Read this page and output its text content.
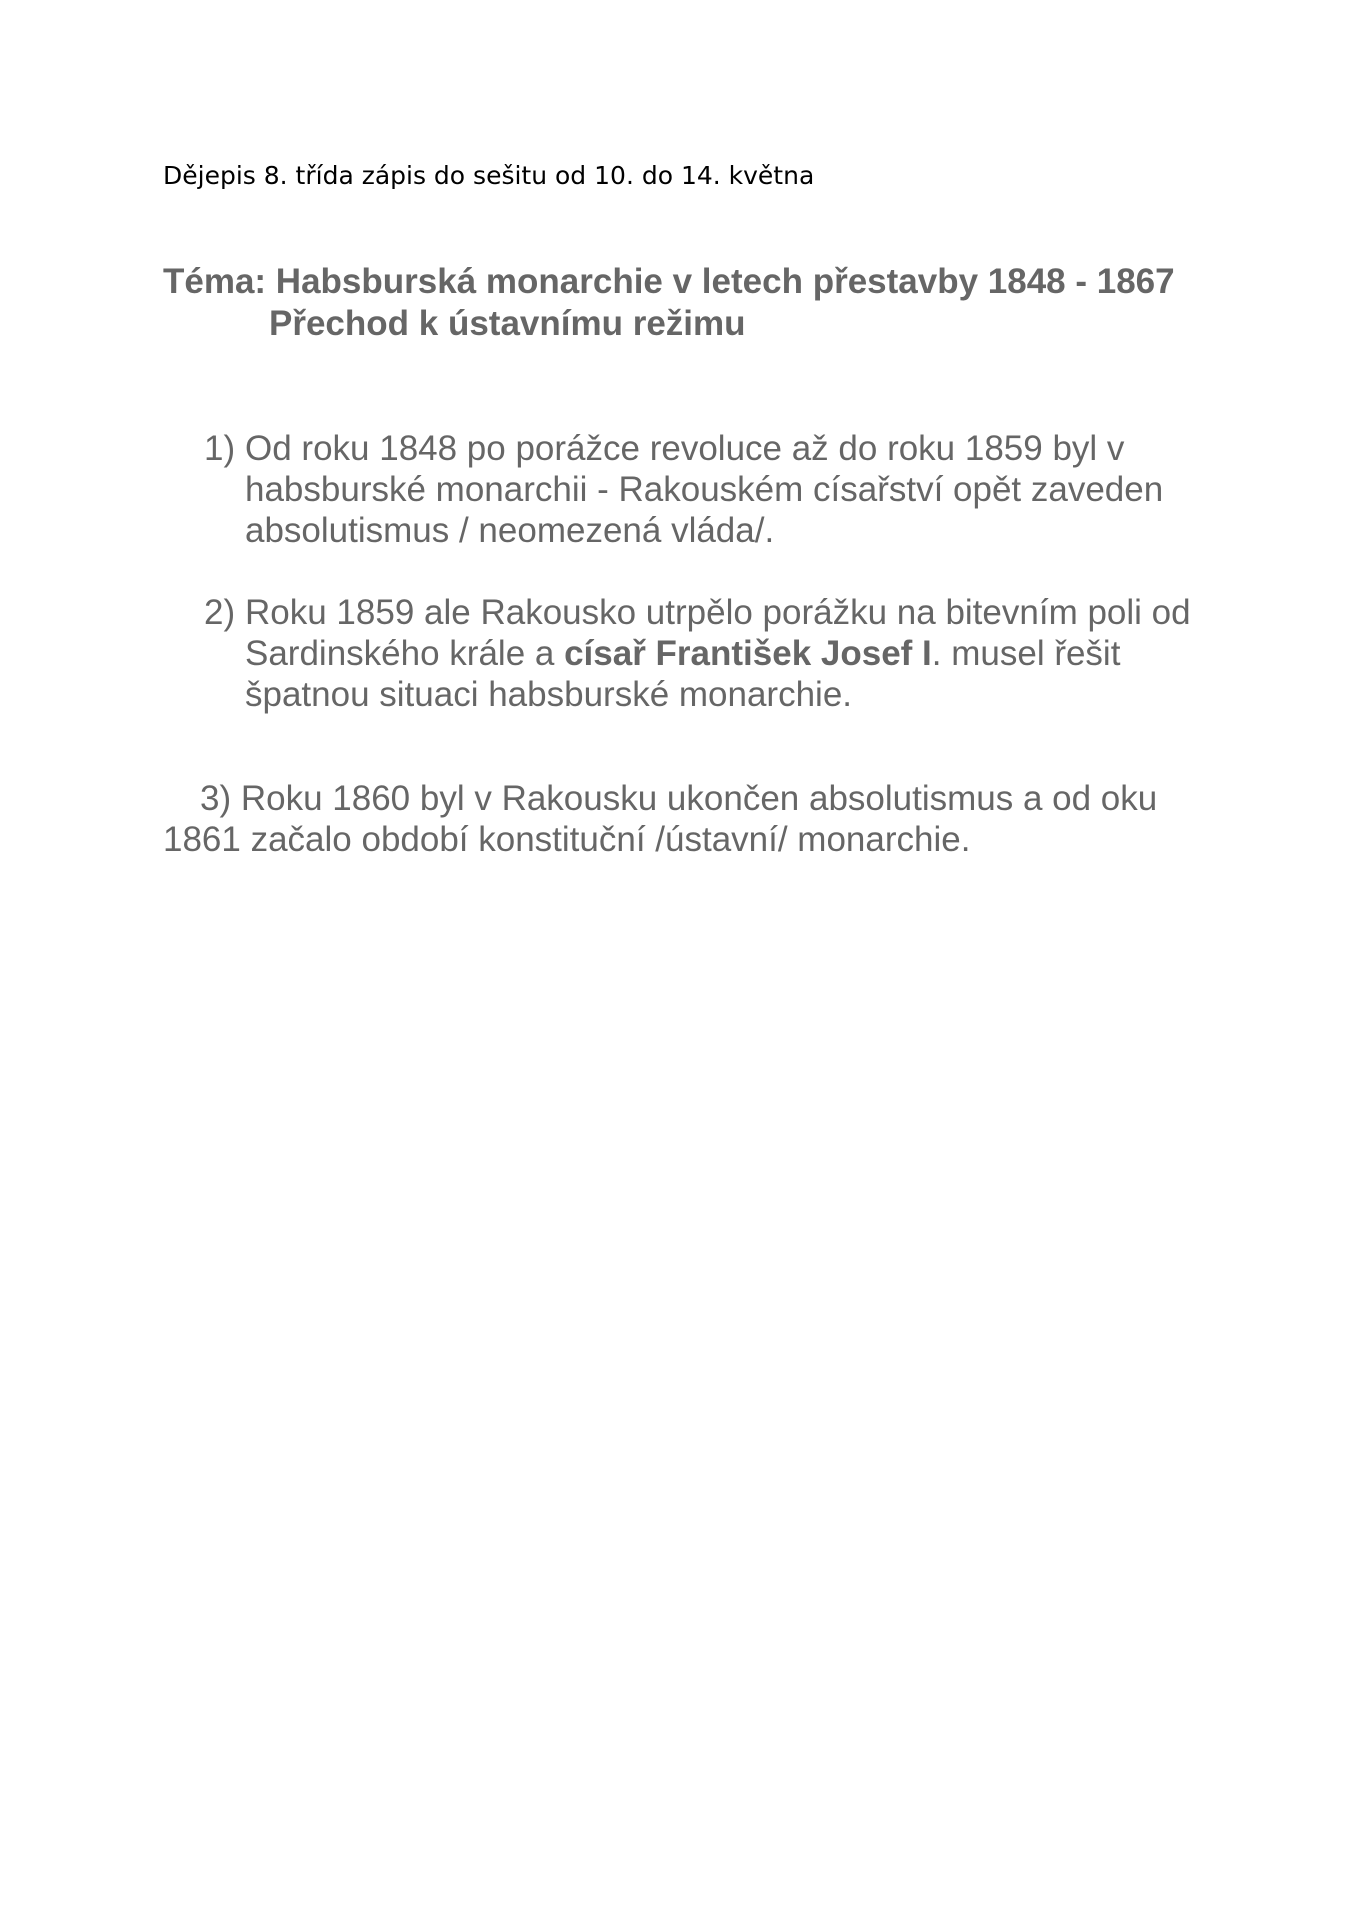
Dějepis 8. třída zápis do sešitu od 10. do 14. května
Téma: Habsburská monarchie v letech přestavby 1848 - 1867
Přechod k ústavnímu režimu
1) Od roku 1848 po porážce revoluce až do roku 1859 byl v habsburské monarchii - Rakouském císařství opět zaveden absolutismus / neomezená vláda/.
2) Roku 1859 ale Rakousko utrpělo porážku na bitevním poli od Sardinského krále a císař František Josef I. musel řešit špatnou situaci habsburské monarchie.
3) Roku 1860 byl v Rakousku ukončen absolutismus a od oku 1861 začalo období konstituční /ústavní/ monarchie.
